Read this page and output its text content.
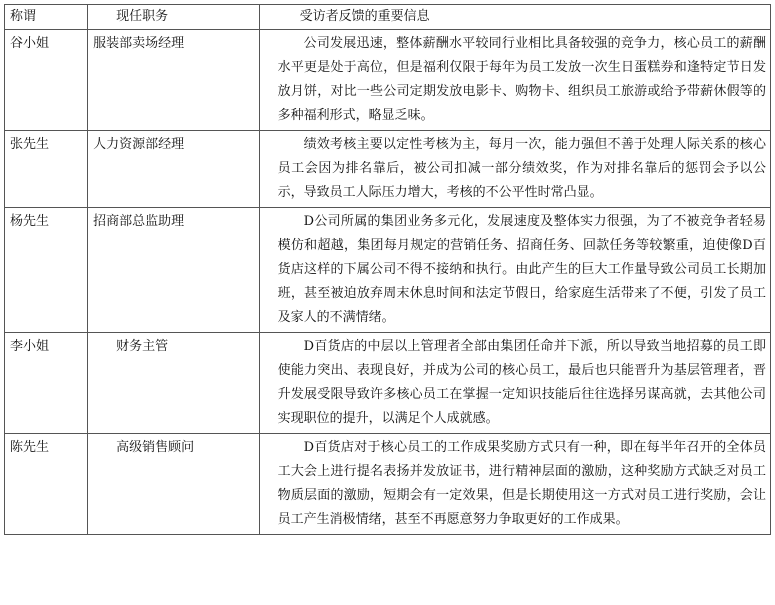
称谓	现任职务	受访者反馈的重要信息
谷小姐	服装部卖场经理	公司发展迅速，整体薪酬水平较同行业相比具备较强的竞争力，核心员工的薪酬水平更是处于高位，但是福利仅限于每年为员工发放一次生日蛋糕券和逢特定节日发放月饼，对比一些公司定期发放电影卡、购物卡、组织员工旅游或给予带薪休假等的多种福利形式，略显乏味。
张先生	人力资源部经理	绩效考核主要以定性考核为主，每月一次，能力强但不善于处理人际关系的核心员工会因为排名靠后，被公司扣减一部分绩效奖，作为对排名靠后的惩罚会予以公示，导致员工人际压力增大，考核的不公平性时常凸显。
杨先生	招商部总监助理	D公司所属的集团业务多元化，发展速度及整体实力很强，为了不被竞争者轻易模仿和超越，集团每月规定的营销任务、招商任务、回款任务等较繁重，迫使像D百货店这样的下属公司不得不接纳和执行。由此产生的巨大工作量导致公司员工长期加班，甚至被迫放弃周末休息时间和法定节假日，给家庭生活带来了不便，引发了员工及家人的不满情绪。
李小姐	财务主管	D百货店的中层以上管理者全部由集团任命并下派，所以导致当地招募的员工即使能力突出、表现良好，并成为公司的核心员工，最后也只能晋升为基层管理者，晋升发展受限导致许多核心员工在掌握一定知识技能后往往选择另谋高就，去其他公司实现职位的提升，以满足个人成就感。
陈先生	高级销售顾问	D百货店对于核心员工的工作成果奖励方式只有一种，即在每半年召开的全体员工大会上进行提名表扬并发放证书，进行精神层面的激励，这种奖励方式缺乏对员工物质层面的激励，短期会有一定效果，但是长期使用这一方式对员工进行奖励，会让员工产生消极情绪，甚至不再愿意努力争取更好的工作成果。
